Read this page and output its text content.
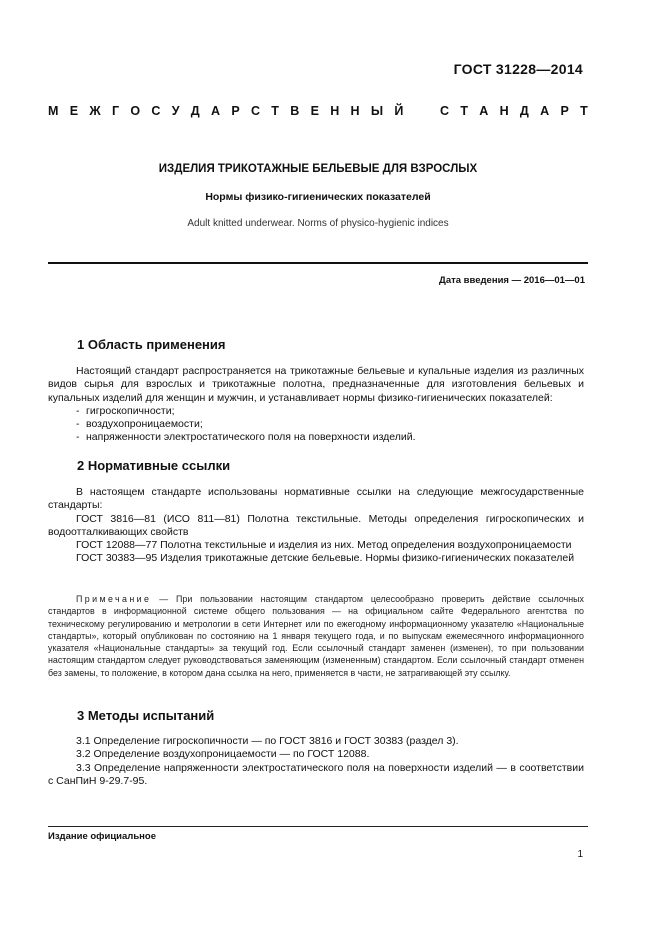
ГОСТ 31228—2014
М Е Ж Г О С У Д А Р С Т В Е Н Н Ы Й	С Т А Н Д А Р Т
ИЗДЕЛИЯ ТРИКОТАЖНЫЕ БЕЛЬЕВЫЕ ДЛЯ ВЗРОСЛЫХ
Нормы физико-гигиенических показателей
Adult knitted underwear. Norms of physico-hygienic indices
Дата введения — 2016—01—01
1 Область применения

Настоящий стандарт распространяется на трикотажные бельевые и купальные изделия из различных видов сырья для взрослых и трикотажные полотна, предназначенные для изготовления бельевых и купальных изделий для женщин и мужчин, и устанавливает нормы физико-гигиенических показателей:

- гигроскопичности;
- воздухопроницаемости;
- напряженности электростатического поля на поверхности изделий.
2 Нормативные ссылки

В настоящем стандарте использованы нормативные ссылки на следующие межгосударственные стандарты:

ГОСТ 3816—81 (ИСО 811—81) Полотна текстильные. Методы определения гигроскопических и водоотталкивающих свойств

ГОСТ 12088—77 Полотна текстильные и изделия из них. Метод определения воздухопроницаемости

ГОСТ 30383—95 Изделия трикотажные детские бельевые. Нормы физико-гигиенических показателей

Примечание — При пользовании настоящим стандартом целесообразно проверить действие ссылочных стандартов в информационной системе общего пользования — на официальном сайте Федерального агентства по техническому регулированию и метрологии в сети Интернет или по ежегодному информационному указателю «Национальные стандарты», который опубликован по состоянию на 1 января текущего года, и по выпускам ежемесячного информационного указателя «Национальные стандарты» за текущий год. Если ссылочный стандарт заменен (изменен), то при пользовании настоящим стандартом следует руководствоваться заменяющим (измененным) стандартом. Если ссылочный стандарт отменен без замены, то положение, в котором дана ссылка на него, применяется в части, не затрагивающей эту ссылку.

3 Методы испытаний

3.1 Определение гигроскопичности — по ГОСТ 3816 и ГОСТ 30383 (раздел 3).

3.2 Определение воздухопроницаемости — по ГОСТ 12088.

3.3 Определение напряженности электростатического поля на поверхности изделий — в соответствии с СанПиН 9-29.7-95.

Издание официальное
1
